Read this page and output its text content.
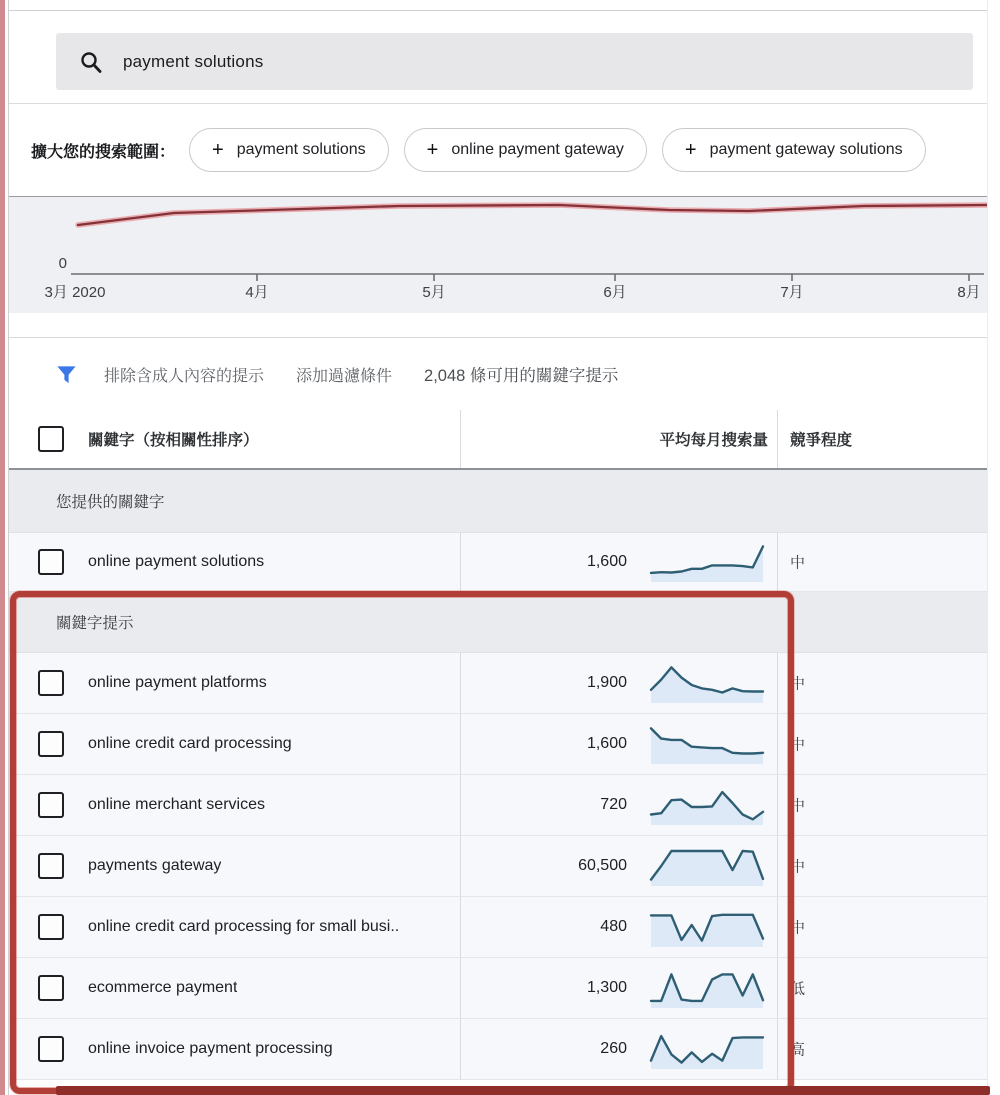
payment solutions
擴大您的搜索範圍： + payment solutions	+ online payment gateway	+ payment gateway solutions
0
3月 2020	4月	5月	6月	7月	8月
排除含成人內容的提示 添加過濾條件 2,048 條可用的關鍵字提示
關鍵字（按相關性排序）	平均每月搜索量 競爭程度
您提供的關鍵字
online payment solutions	1,600	中
關鍵字提示
online payment platforms	1,900	中
online credit card processing	1,600	中
online merchant services	720	中
payments gateway	60,500	中
online credit card processing for small busi..	480	中
ecommerce payment	1,300	低
online invoice payment processing	260	高
